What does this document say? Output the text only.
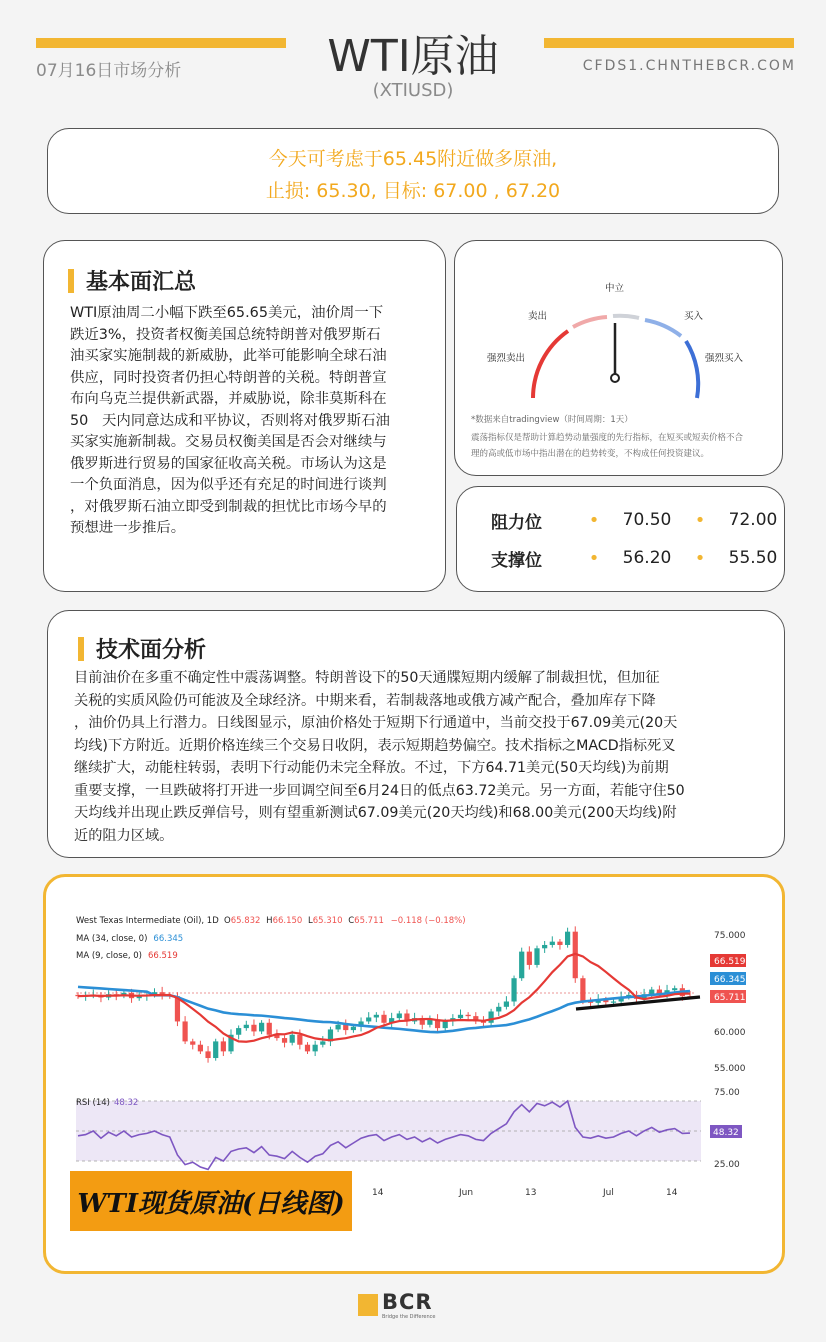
07月16日市场分析	WTI原油
(XTIUSD)
CFDS1.CHNTHEBCR.COM
今天可考虑于65.45附近做多原油,
止损: 65.30, 目标: 67.00 , 67.20
基本面汇总
WTI原油周二小幅下跌至65.65美元，油价周一下
跌近3%，投资者权衡美国总统特朗普对俄罗斯石
油买家实施制裁的新威胁，此举可能影响全球石油
供应，同时投资者仍担心特朗普的关税。特朗普宣
布向乌克兰提供新武器，并威胁说，除非莫斯科在
50   天内同意达成和平协议，否则将对俄罗斯石油
买家实施新制裁。交易员权衡美国是否会对继续与
俄罗斯进行贸易的国家征收高关税。市场认为这是
一个负面消息，因为似乎还有充足的时间进行谈判
，对俄罗斯石油立即受到制裁的担忧比市场今早的
预想进一步推后。
强烈卖出
卖出
中立
买入
强烈买入
*数据来自tradingview（时间周期：1天）
震荡指标仅是帮助计算趋势动量强度的先行指标，在短买或短卖价格不合
理的高或低市场中指出潜在的趋势转变，不构成任何投资建议。
阻力位	•	70.50	•	72.00
支撑位	•	56.20	•	55.50
技术面分析
目前油价在多重不确定性中震荡调整。特朗普设下的50天通牒短期内缓解了制裁担忧，但加征
关税的实质风险仍可能波及全球经济。中期来看，若制裁落地或俄方减产配合，叠加库存下降
，油价仍具上行潜力。日线图显示，原油价格处于短期下行通道中，当前交投于67.09美元(20天
均线)下方附近。近期价格连续三个交易日收阴，表示短期趋势偏空。技术指标之MACD指标死叉
继续扩大，动能柱转弱，表明下行动能仍未完全释放。不过，下方64.71美元(50天均线)为前期
重要支撑，一旦跌破将打开进一步回调空间至6月24日的低点63.72美元。另一方面，若能守住50
天均线并出现止跌反弹信号，则有望重新测试67.09美元(20天均线)和68.00美元(200天均线)附
近的阻力区域。
West Texas Intermediate (Oil), 1D O65.832 H66.150 L65.310 C65.711 −0.118 (−0.18%)
MA (34, close, 0) 66.345
MA (9, close, 0) 66.519
75.000
60.000
55.000
66.519
66.345
65.711
RSI (14) 48.32
75.00
48.32
25.00
14	Jun	13	Jul	14
WTI现货原油(日线图)
BCR
Bridge the Difference
